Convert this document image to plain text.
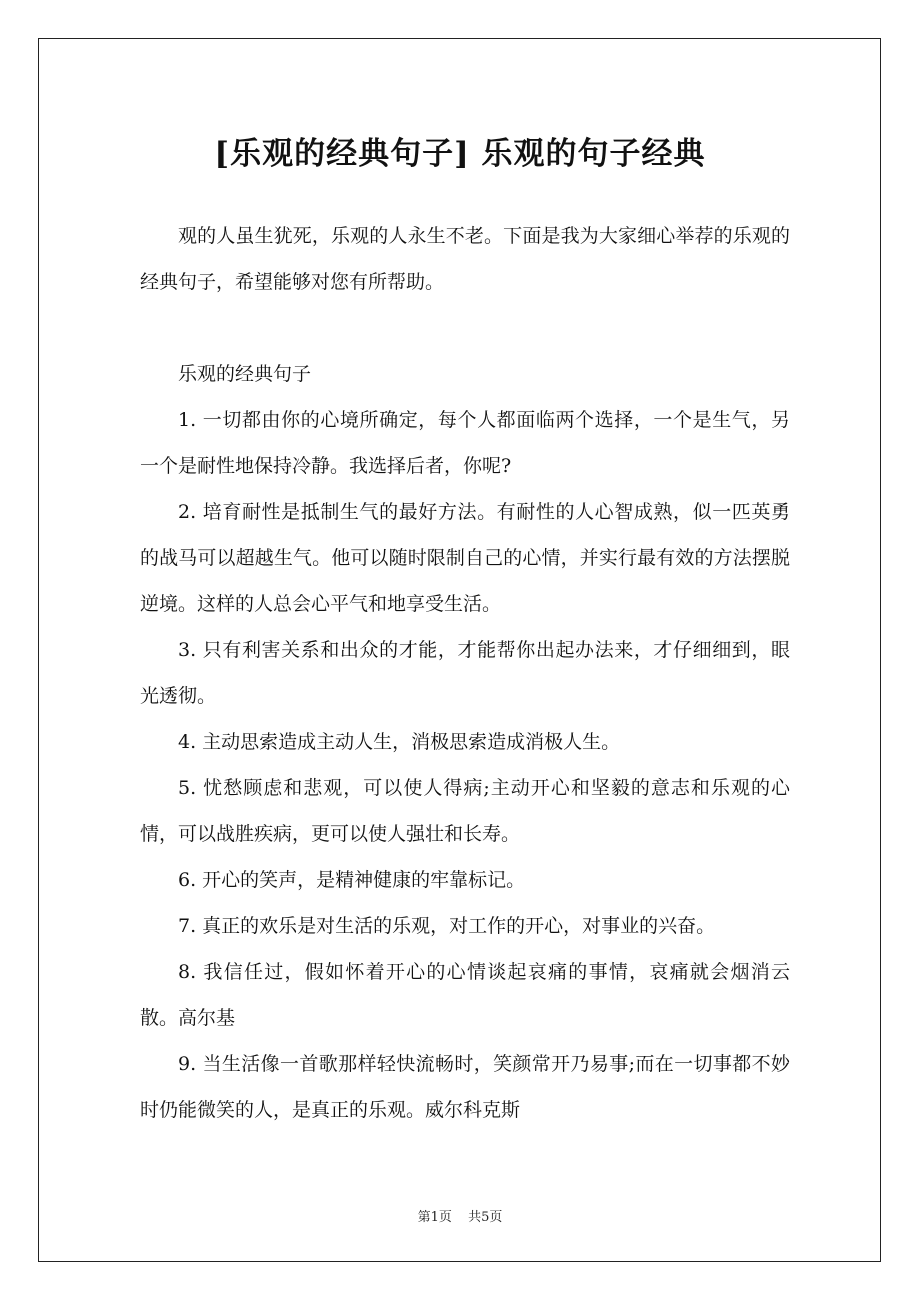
[乐观的经典句子] 乐观的句子经典

观的人虽生犹死，乐观的人永生不老。下面是我为大家细心举荐的乐观的经典句子，希望能够对您有所帮助。

乐观的经典句子

1. 一切都由你的心境所确定，每个人都面临两个选择，一个是生气，另一个是耐性地保持冷静。我选择后者，你呢?

2. 培育耐性是抵制生气的最好方法。有耐性的人心智成熟，似一匹英勇的战马可以超越生气。他可以随时限制自己的心情，并实行最有效的方法摆脱逆境。这样的人总会心平气和地享受生活。

3. 只有利害关系和出众的才能，才能帮你出起办法来，才仔细细到，眼光透彻。

4. 主动思索造成主动人生，消极思索造成消极人生。

5. 忧愁顾虑和悲观，可以使人得病;主动开心和坚毅的意志和乐观的心情，可以战胜疾病，更可以使人强壮和长寿。

6. 开心的笑声，是精神健康的牢靠标记。

7. 真正的欢乐是对生活的乐观，对工作的开心，对事业的兴奋。

8. 我信任过，假如怀着开心的心情谈起哀痛的事情，哀痛就会烟消云散。高尔基

9. 当生活像一首歌那样轻快流畅时，笑颜常开乃易事;而在一切事都不妙时仍能微笑的人，是真正的乐观。威尔科克斯

第1页 共5页
